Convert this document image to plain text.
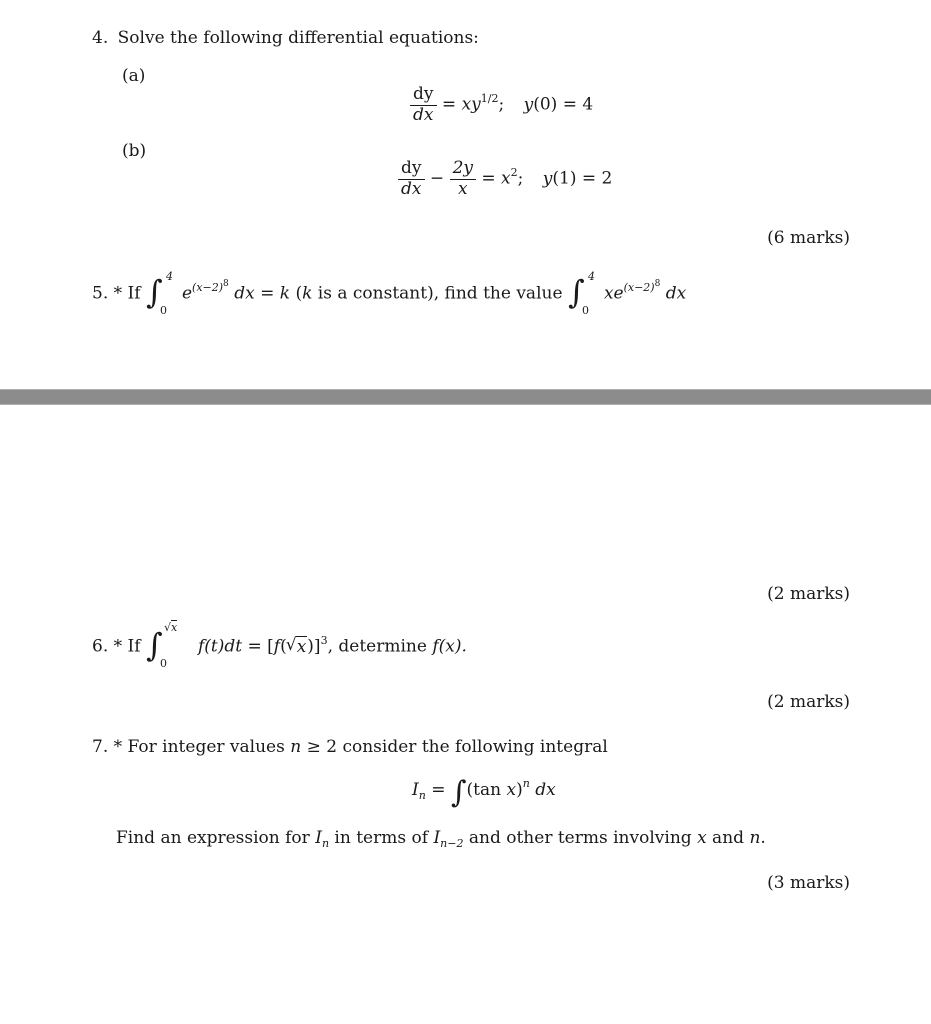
4. Solve the following differential equations:
(a)
$\frac{dy}{dx} = xy^{1/2}$; y(0) = 4
(b)
$\frac{dy}{dx} - \frac{2y}{x} = x^2$; y(1) = 2
(6 marks)
5. * If ∫ 4
0
$e^{(x-2)8}$ dx = k (k is a constant), find the value ∫ 4
0
$xe^{(x-2)8}$ dx
(2 marks)
6. * If ∫ √x
0
f(t)dt = [f(√ x)]$^3$, determine f(x).
(2 marks)
7. * For integer values n ≥ 2 consider the following integral
$I_n = \int(\tan$ x)$^n$ dx
Find an expression for $I_n$ in terms of $I_{n-2}$ and other terms involving x and n.
(3 marks)
